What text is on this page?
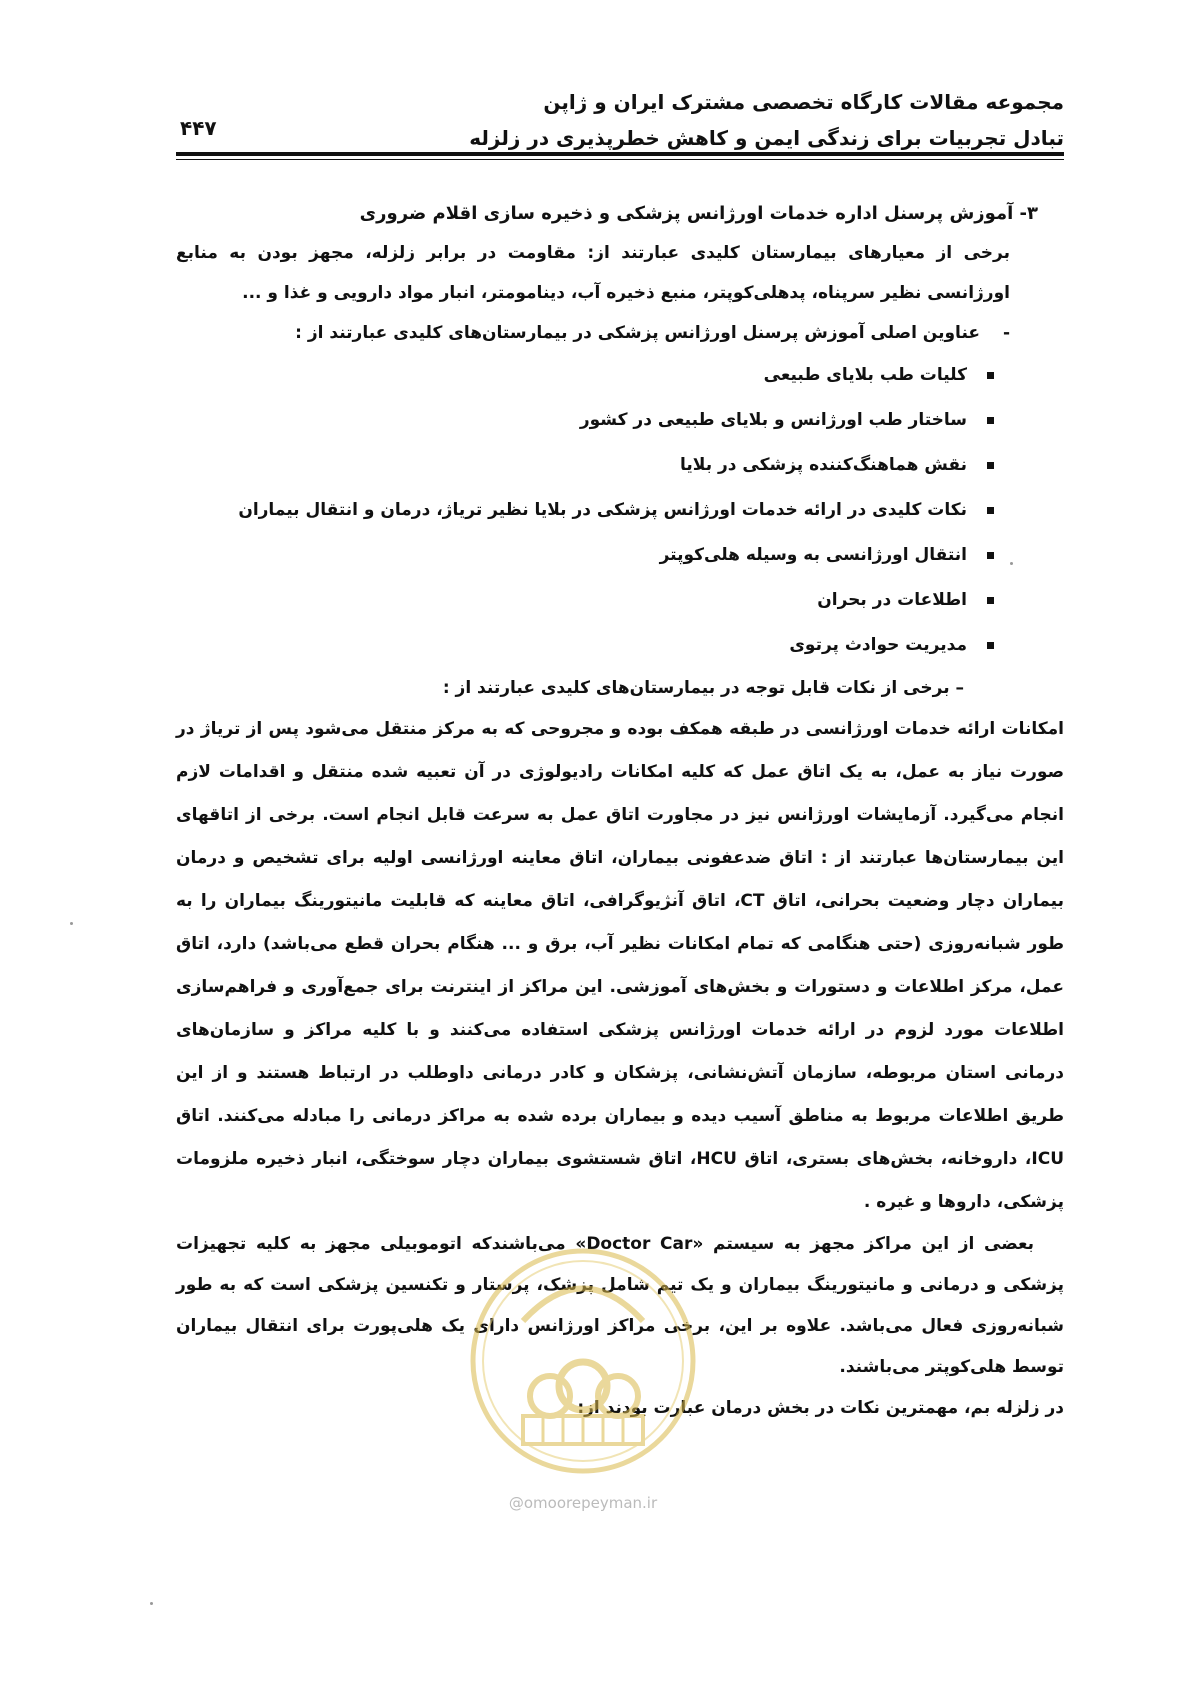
مجموعه مقالات کارگاه تخصصی مشترک ایران و ژاپن
تبادل تجربیات برای زندگی ایمن و کاهش خطرپذیری در زلزله
۴۴۷
۳- آموزش پرسنل اداره خدمات اورژانس پزشکی و ذخیره سازی اقلام ضروری
برخی از معیارهای بیمارستان کلیدی عبارتند از: مقاومت در برابر زلزله، مجهز بودن به منابع اورژانسی نظیر سرپناه، پدهلی‌کوپتر، منبع ذخیره آب، دینامومتر، انبار مواد دارویی و غذا و ...
-عناوین اصلی آموزش پرسنل اورژانس پزشکی در بیمارستان‌های کلیدی عبارتند از :
کلیات طب بلایای طبیعی
ساختار طب اورژانس و بلایای طبیعی در کشور
نقش هماهنگ‌کننده پزشکی در بلایا
نکات کلیدی در ارائه خدمات اورژانس پزشکی در بلایا نظیر تریاژ، درمان و انتقال بیماران
انتقال اورژانسی به وسیله هلی‌کوپتر
اطلاعات در بحران
مدیریت حوادث پرتوی
– برخی از نکات قابل توجه در بیمارستان‌های کلیدی عبارتند از :
امکانات ارائه خدمات اورژانسی در طبقه همکف بوده و مجروحی که به مرکز منتقل می‌شود پس از تریاژ در صورت نیاز به عمل، به یک اتاق عمل که کلیه امکانات رادیولوژی در آن تعبیه شده منتقل و اقدامات لازم انجام می‌گیرد. آزمایشات اورژانس نیز در مجاورت اتاق عمل به سرعت قابل انجام است. برخی از اتاقهای این بیمارستان‌ها عبارتند از : اتاق ضدعفونی بیماران، اتاق معاینه اورژانسی اولیه برای تشخیص و درمان بیماران دچار وضعیت بحرانی، اتاق CT، اتاق آنژیوگرافی، اتاق معاینه که قابلیت مانیتورینگ بیماران را به طور شبانه‌روزی (حتی هنگامی که تمام امکانات نظیر آب، برق و ... هنگام بحران قطع می‌باشد) دارد، اتاق عمل، مرکز اطلاعات و دستورات و بخش‌های آموزشی. این مراکز از اینترنت برای جمع‌آوری و فراهم‌سازی اطلاعات مورد لزوم در ارائه خدمات اورژانس پزشکی استفاده می‌کنند و با کلیه مراکز و سازمان‌های درمانی استان مربوطه، سازمان آتش‌نشانی، پزشکان و کادر درمانی داوطلب در ارتباط هستند و از این طریق اطلاعات مربوط به مناطق آسیب دیده و بیماران برده شده به مراکز درمانی را مبادله می‌کنند. اتاق ICU، داروخانه، بخش‌های بستری، اتاق HCU، اتاق شستشوی بیماران دچار سوختگی، انبار ذخیره ملزومات پزشکی، داروها و غیره .
بعضی از این مراکز مجهز به سیستم «Doctor Car» می‌باشندکه اتوموبیلی مجهز به کلیه تجهیزات پزشکی و درمانی و مانیتورینگ بیماران و یک تیم شامل پزشک، پرستار و تکنسین پزشکی است که به طور شبانه‌روزی فعال می‌باشد. علاوه بر این، برخی مراکز اورژانس دارای یک هلی‌پورت برای انتقال بیماران توسط هلی‌کوپتر می‌باشند.
در زلزله بم، مهمترین نکات در بخش درمان عبارت بودند از:
@omoorepeyman.ir
